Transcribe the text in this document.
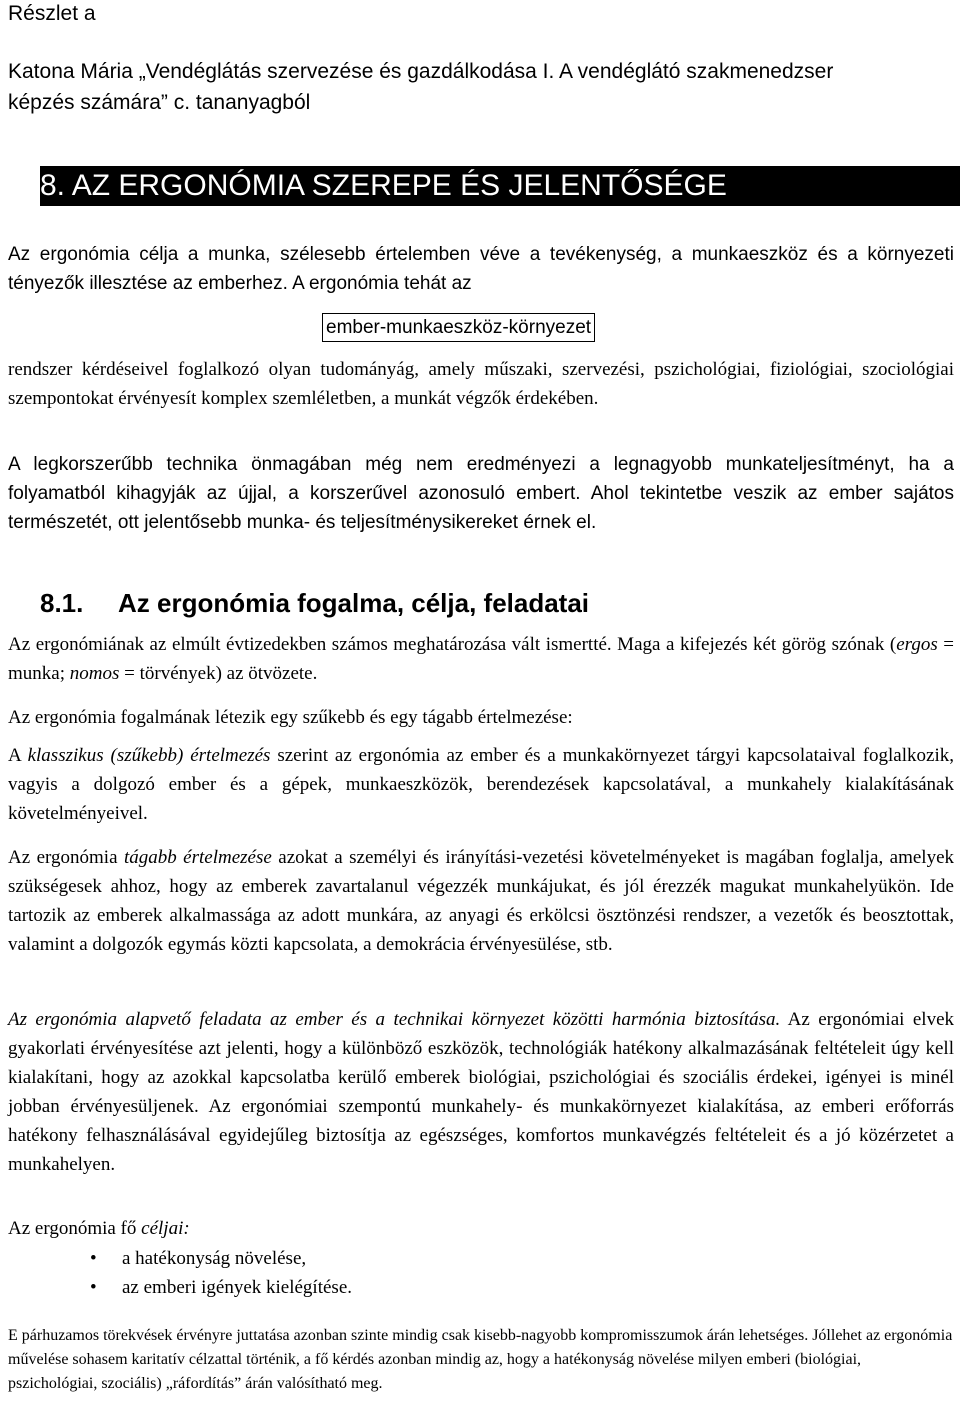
Részlet a
Katona Mária „Vendéglátás szervezése és gazdálkodása I. A vendéglátó szakmenedzser
képzés számára” c. tananyagból
8. AZ ERGONÓMIA SZEREPE ÉS JELENTŐSÉGE

Az ergonómia célja a munka, szélesebb értelemben véve a tevékenység, a munkaeszköz és a környezeti tényezők illesztése az emberhez. A ergonómia tehát az

ember-munkaeszköz-környezet

rendszer kérdéseivel foglalkozó olyan tudományág, amely műszaki, szervezési, pszichológiai, fiziológiai, szociológiai szempontokat érvényesít komplex szemléletben, a munkát végzők érdekében.

A legkorszerűbb technika önmagában még nem eredményezi a legnagyobb munkateljesítményt, ha a folyamatból kihagyják az újjal, a korszerűvel azonosuló embert. Ahol tekintetbe veszik az ember sajátos természetét, ott jelentősebb munka- és teljesítménysikereket érnek el.

8.1. Az ergonómia fogalma, célja, feladatai

Az ergonómiának az elmúlt évtizedekben számos meghatározása vált ismertté. Maga a kifejezés két görög szónak (ergos = munka; nomos = törvények) az ötvözete.

Az ergonómia fogalmának létezik egy szűkebb és egy tágabb értelmezése:

A klasszikus (szűkebb) értelmezés szerint az ergonómia az ember és a munkakörnyezet tárgyi kapcsolataival foglalkozik, vagyis a dolgozó ember és a gépek, munkaeszközök, berendezések kapcsolatával, a munkahely kialakításának követelményeivel.

Az ergonómia tágabb értelmezése azokat a személyi és irányítási-vezetési követelményeket is magában foglalja, amelyek szükségesek ahhoz, hogy az emberek zavartalanul végezzék munkájukat, és jól érezzék magukat munkahelyükön. Ide tartozik az emberek alkalmassága az adott munkára, az anyagi és erkölcsi ösztönzési rendszer, a vezetők és beosztottak, valamint a dolgozók egymás közti kapcsolata, a demokrácia érvényesülése, stb.

Az ergonómia alapvető feladata az ember és a technikai környezet közötti harmónia biztosítása. Az ergonómiai elvek gyakorlati érvényesítése azt jelenti, hogy a különböző eszközök, technológiák hatékony alkalmazásának feltételeit úgy kell kialakítani, hogy az azokkal kapcsolatba kerülő emberek biológiai, pszichológiai és szociális érdekei, igényei is minél jobban érvényesüljenek. Az ergonómiai szempontú munkahely- és munkakörnyezet kialakítása, az emberi erőforrás hatékony felhasználásával egyidejűleg biztosítja az egészséges, komfortos munkavégzés feltételeit és a jó közérzetet a munkahelyen.

Az ergonómia fő céljai:

• a hatékonyság növelése,
• az emberi igények kielégítése.
E párhuzamos törekvések érvényre juttatása azonban szinte mindig csak kisebb-nagyobb kompromisszumok árán lehetséges. Jóllehet az ergonómia művelése sohasem karitatív célzattal történik, a fő kérdés azonban mindig az, hogy a hatékonyság növelése milyen emberi (biológiai, pszichológiai, szociális) „ráfordítás” árán valósítható meg.
